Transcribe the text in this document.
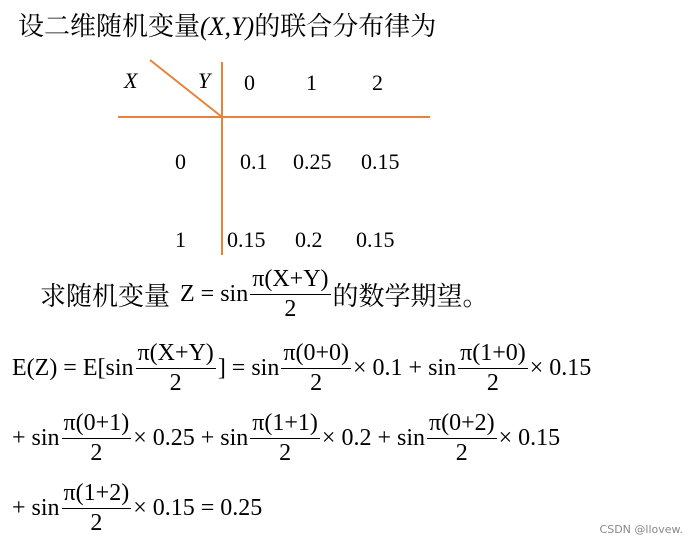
设二维随机变量(X,Y)的联合分布律为
X	Y 0 1	2
0 0.1 0.25 0.15
1 0.15 0.2 0.15
求随机变量 $Z = \sin \frac{\pi(X+Y)}{2}$ 的数学期望。
$E(Z) = E[\sin \frac{\pi(X+Y)}{2}$ ] = $\sin \frac{\pi(0+0)}{2} \times 0.1 + \sin \frac{\pi(1+0)}{2} \times 0.15$
+ $\sin \frac{\pi(0+1)}{2} \times 0.25 + \sin \frac{\pi(1+1)}{2} \times 0.2 + \sin \frac{\pi(0+2)}{2} \times 0.15$
+ $\sin \frac{\pi(1+2)}{2} \times 0.15 = 0.25$
CSDN @llovew.
